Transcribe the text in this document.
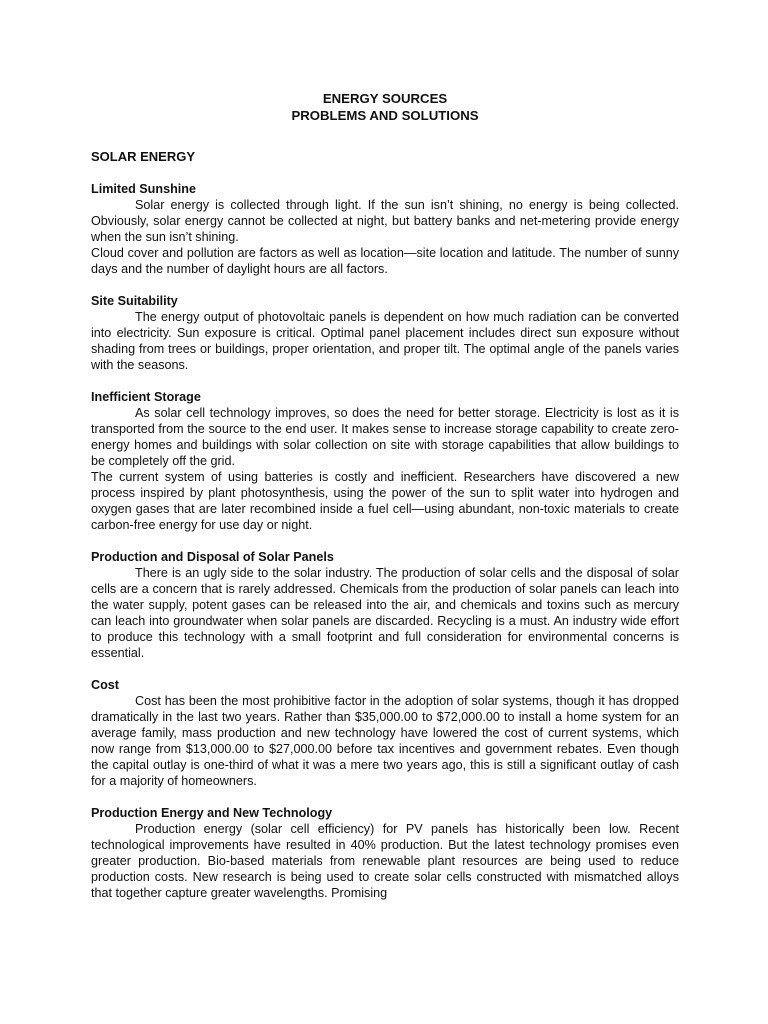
ENERGY SOURCES

PROBLEMS AND SOLUTIONS

SOLAR ENERGY

Limited Sunshine

Solar energy is collected through light. If the sun isn’t shining, no energy is being collected. Obviously, solar energy cannot be collected at night, but battery banks and net-metering provide energy when the sun isn’t shining.

Cloud cover and pollution are factors as well as location—site location and latitude. The number of sunny days and the number of daylight hours are all factors.

Site Suitability

The energy output of photovoltaic panels is dependent on how much radiation can be converted into electricity. Sun exposure is critical. Optimal panel placement includes direct sun exposure without shading from trees or buildings, proper orientation, and proper tilt. The optimal angle of the panels varies with the seasons.

Inefficient Storage

As solar cell technology improves, so does the need for better storage. Electricity is lost as it is transported from the source to the end user. It makes sense to increase storage capability to create zero-energy homes and buildings with solar collection on site with storage capabilities that allow buildings to be completely off the grid.

The current system of using batteries is costly and inefficient. Researchers have discovered a new process inspired by plant photosynthesis, using the power of the sun to split water into hydrogen and oxygen gases that are later recombined inside a fuel cell—using abundant, non-toxic materials to create carbon-free energy for use day or night.

Production and Disposal of Solar Panels

There is an ugly side to the solar industry. The production of solar cells and the disposal of solar cells are a concern that is rarely addressed. Chemicals from the production of solar panels can leach into the water supply, potent gases can be released into the air, and chemicals and toxins such as mercury can leach into groundwater when solar panels are discarded. Recycling is a must. An industry wide effort to produce this technology with a small footprint and full consideration for environmental concerns is essential.

Cost

Cost has been the most prohibitive factor in the adoption of solar systems, though it has dropped dramatically in the last two years. Rather than $35,000.00 to $72,000.00 to install a home system for an average family, mass production and new technology have lowered the cost of current systems, which now range from $13,000.00 to $27,000.00 before tax incentives and government rebates. Even though the capital outlay is one-third of what it was a mere two years ago, this is still a significant outlay of cash for a majority of homeowners.

Production Energy and New Technology

Production energy (solar cell efficiency) for PV panels has historically been low. Recent technological improvements have resulted in 40% production. But the latest technology promises even greater production. Bio-based materials from renewable plant resources are being used to reduce production costs. New research is being used to create solar cells constructed with mismatched alloys that together capture greater wavelengths. Promising
